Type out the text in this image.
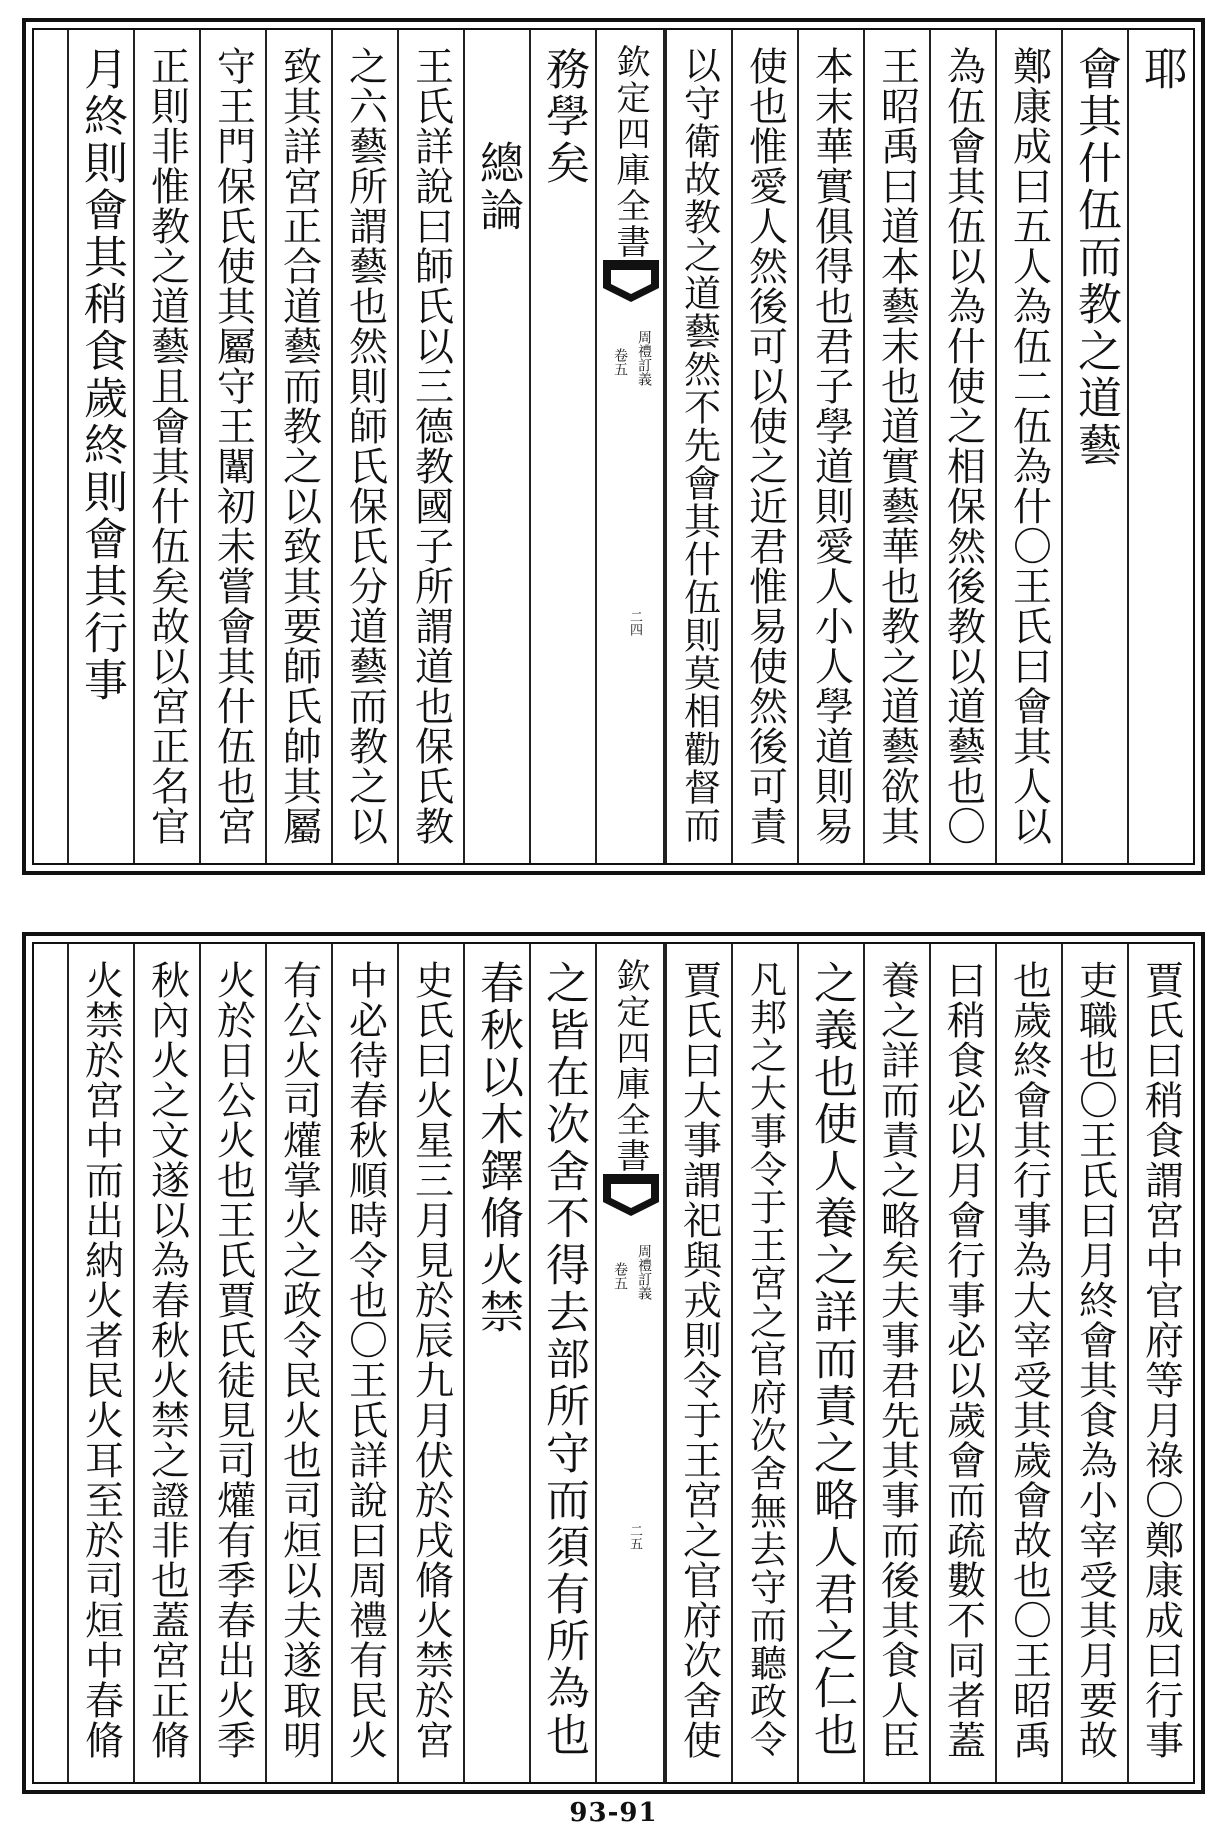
耶
會其什伍而教之道藝
鄭康成曰五人為伍二伍為什〇王氏曰會其人以
為伍會其伍以為什使之相保然後教以道藝也〇
王昭禹曰道本藝末也道實藝華也教之道藝欲其
本末華實俱得也君子學道則愛人小人學道則易
使也惟愛人然後可以使之近君惟易使然後可責
以守衛故教之道藝然不先會其什伍則莫相勸督而
欽定四庫全書
周禮訂義
卷五
二四
務學矣
總論
王氏詳說曰師氏以三德教國子所謂道也保氏教
之六藝所謂藝也然則師氏保氏分道藝而教之以
致其詳宮正合道藝而教之以致其要師氏帥其屬
守王門保氏使其屬守王闈初未嘗會其什伍也宮
正則非惟教之道藝且會其什伍矣故以宮正名官
月終則會其稍食歲終則會其行事
賈氏曰稍食謂宮中官府等月祿〇鄭康成曰行事
吏職也〇王氏曰月終會其食為小宰受其月要故
也歲終會其行事為大宰受其歲會故也〇王昭禹
曰稍食必以月會行事必以歲會而疏數不同者蓋
養之詳而責之略矣夫事君先其事而後其食人臣
之義也使人養之詳而責之略人君之仁也
凡邦之大事令于王宮之官府次舍無去守而聽政令
賈氏曰大事謂祀與戎則令于王宮之官府次舍使
欽定四庫全書
周禮訂義
卷五
二五
之皆在次舍不得去部所守而須有所為也
春秋以木鐸脩火禁
史氏曰火星三月見於辰九月伏於戌脩火禁於宮
中必待春秋順時令也〇王氏詳說曰周禮有民火
有公火司爟掌火之政令民火也司烜以夫遂取明
火於日公火也王氏賈氏徒見司爟有季春出火季
秋內火之文遂以為春秋火禁之證非也蓋宮正脩
火禁於宮中而出納火者民火耳至於司烜中春脩
93-91
